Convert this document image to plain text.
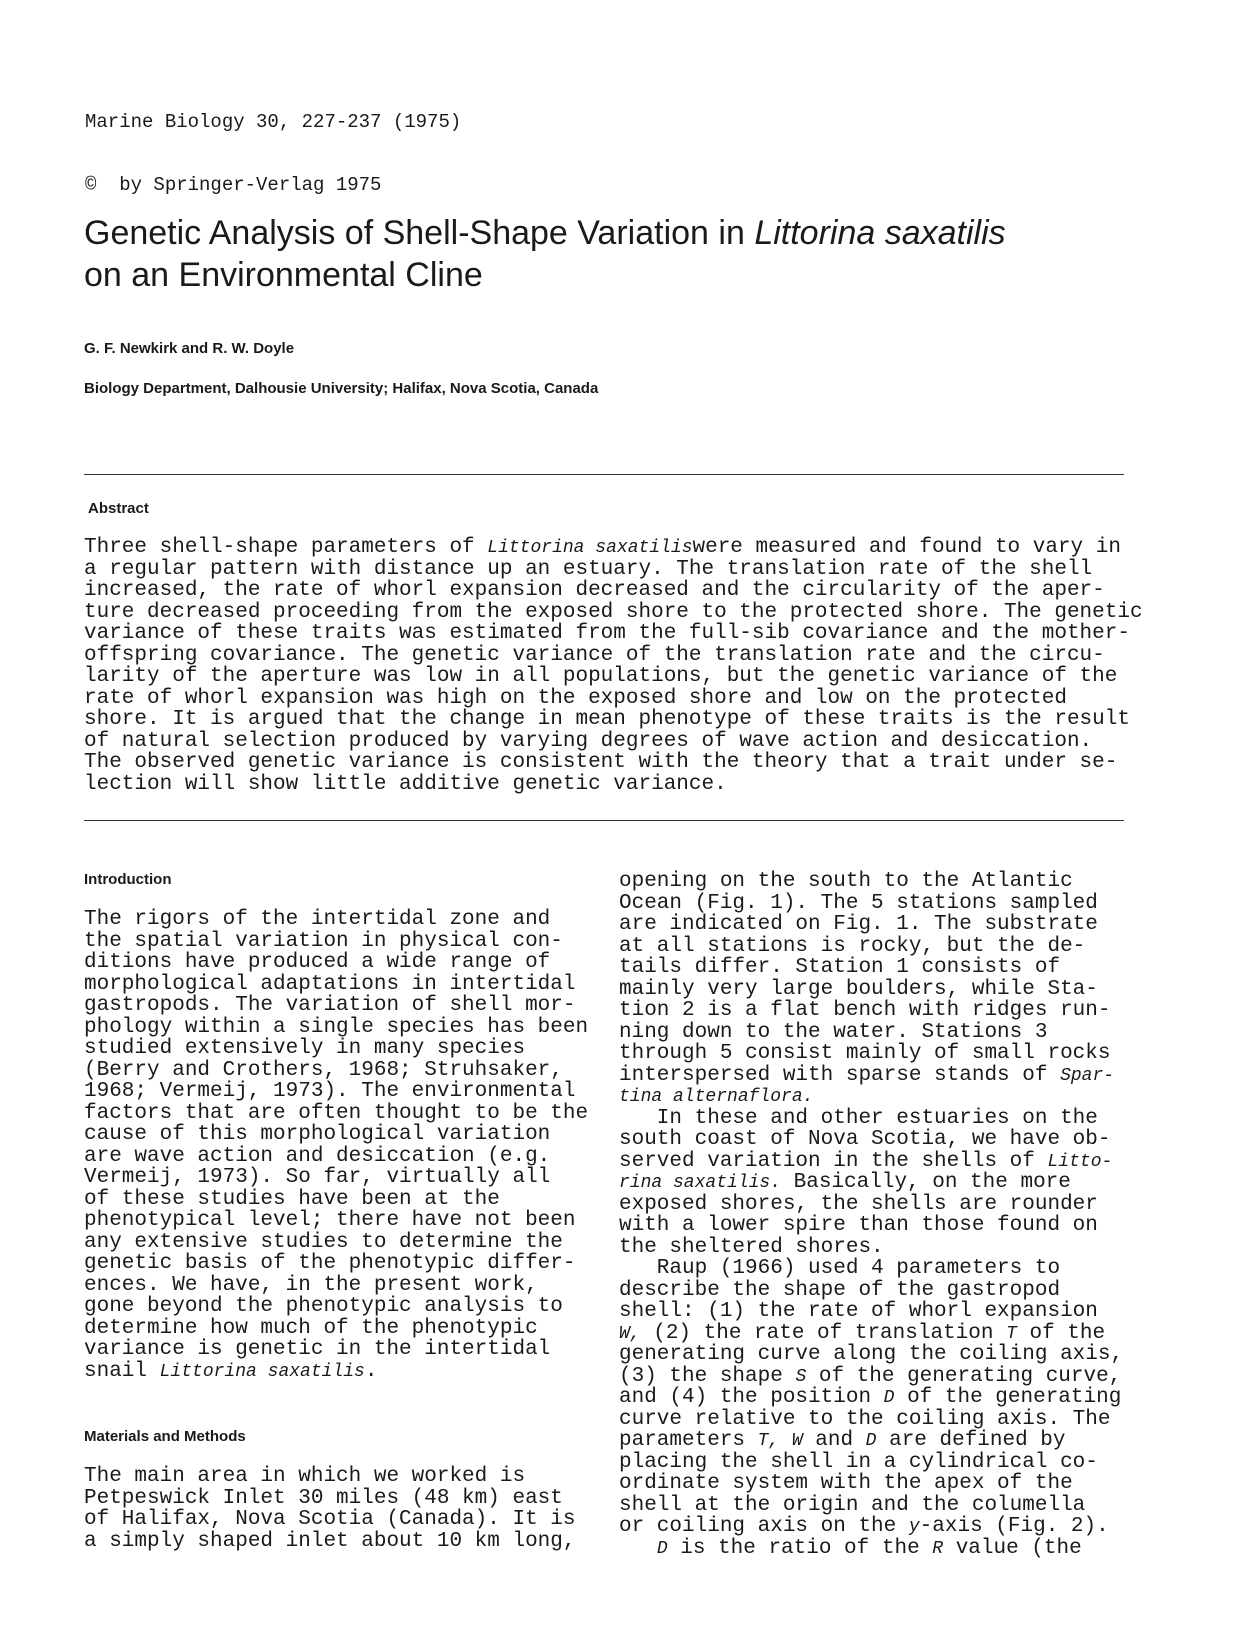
Marine Biology 30, 227-237 (1975)

©  by Springer-Verlag 1975

Genetic Analysis of Shell-Shape Variation in Littorina saxatilis
on an Environmental Cline
G. F. Newkirk and R. W. Doyle
Biology Department, Dalhousie University; Halifax, Nova Scotia, Canada
Abstract
Three shell-shape parameters of Littorina saxatiliswere measured and found to vary in
a regular pattern with distance up an estuary. The translation rate of the shell
increased, the rate of whorl expansion decreased and the circularity of the aper-
ture decreased proceeding from the exposed shore to the protected shore. The genetic
variance of these traits was estimated from the full-sib covariance and the mother-
offspring covariance. The genetic variance of the translation rate and the circu-
larity of the aperture was low in all populations, but the genetic variance of the
rate of whorl expansion was high on the exposed shore and low on the protected
shore. It is argued that the change in mean phenotype of these traits is the result
of natural selection produced by varying degrees of wave action and desiccation.
The observed genetic variance is consistent with the theory that a trait under se-
lection will show little additive genetic variance.
Introduction
The rigors of the intertidal zone and
the spatial variation in physical con-
ditions have produced a wide range of
morphological adaptations in intertidal
gastropods. The variation of shell mor-
phology within a single species has been
studied extensively in many species
(Berry and Crothers, 1968; Struhsaker,
1968; Vermeij, 1973). The environmental
factors that are often thought to be the
cause of this morphological variation
are wave action and desiccation (e.g.
Vermeij, 1973). So far, virtually all
of these studies have been at the
phenotypical level; there have not been
any extensive studies to determine the
genetic basis of the phenotypic differ-
ences. We have, in the present work,
gone beyond the phenotypic analysis to
determine how much of the phenotypic
variance is genetic in the intertidal
snail Littorina saxatilis.
Materials and Methods
The main area in which we worked is
Petpeswick Inlet 30 miles (48 km) east
of Halifax, Nova Scotia (Canada). It is
a simply shaped inlet about 10 km long,
opening on the south to the Atlantic
Ocean (Fig. 1). The 5 stations sampled
are indicated on Fig. 1. The substrate
at all stations is rocky, but the de-
tails differ. Station 1 consists of
mainly very large boulders, while Sta-
tion 2 is a flat bench with ridges run-
ning down to the water. Stations 3
through 5 consist mainly of small rocks
interspersed with sparse stands of Spar-
tina alternaflora.
In these and other estuaries on the
south coast of Nova Scotia, we have ob-
served variation in the shells of Litto-
rina saxatilis. Basically, on the more
exposed shores, the shells are rounder
with a lower spire than those found on
the sheltered shores.
Raup (1966) used 4 parameters to
describe the shape of the gastropod
shell: (1) the rate of whorl expansion
W, (2) the rate of translation T of the
generating curve along the coiling axis,
(3) the shape S of the generating curve,
and (4) the position D of the generating
curve relative to the coiling axis. The
parameters T, W and D are defined by
placing the shell in a cylindrical co-
ordinate system with the apex of the
shell at the origin and the columella
or coiling axis on the y-axis (Fig. 2).
D is the ratio of the R value (the
